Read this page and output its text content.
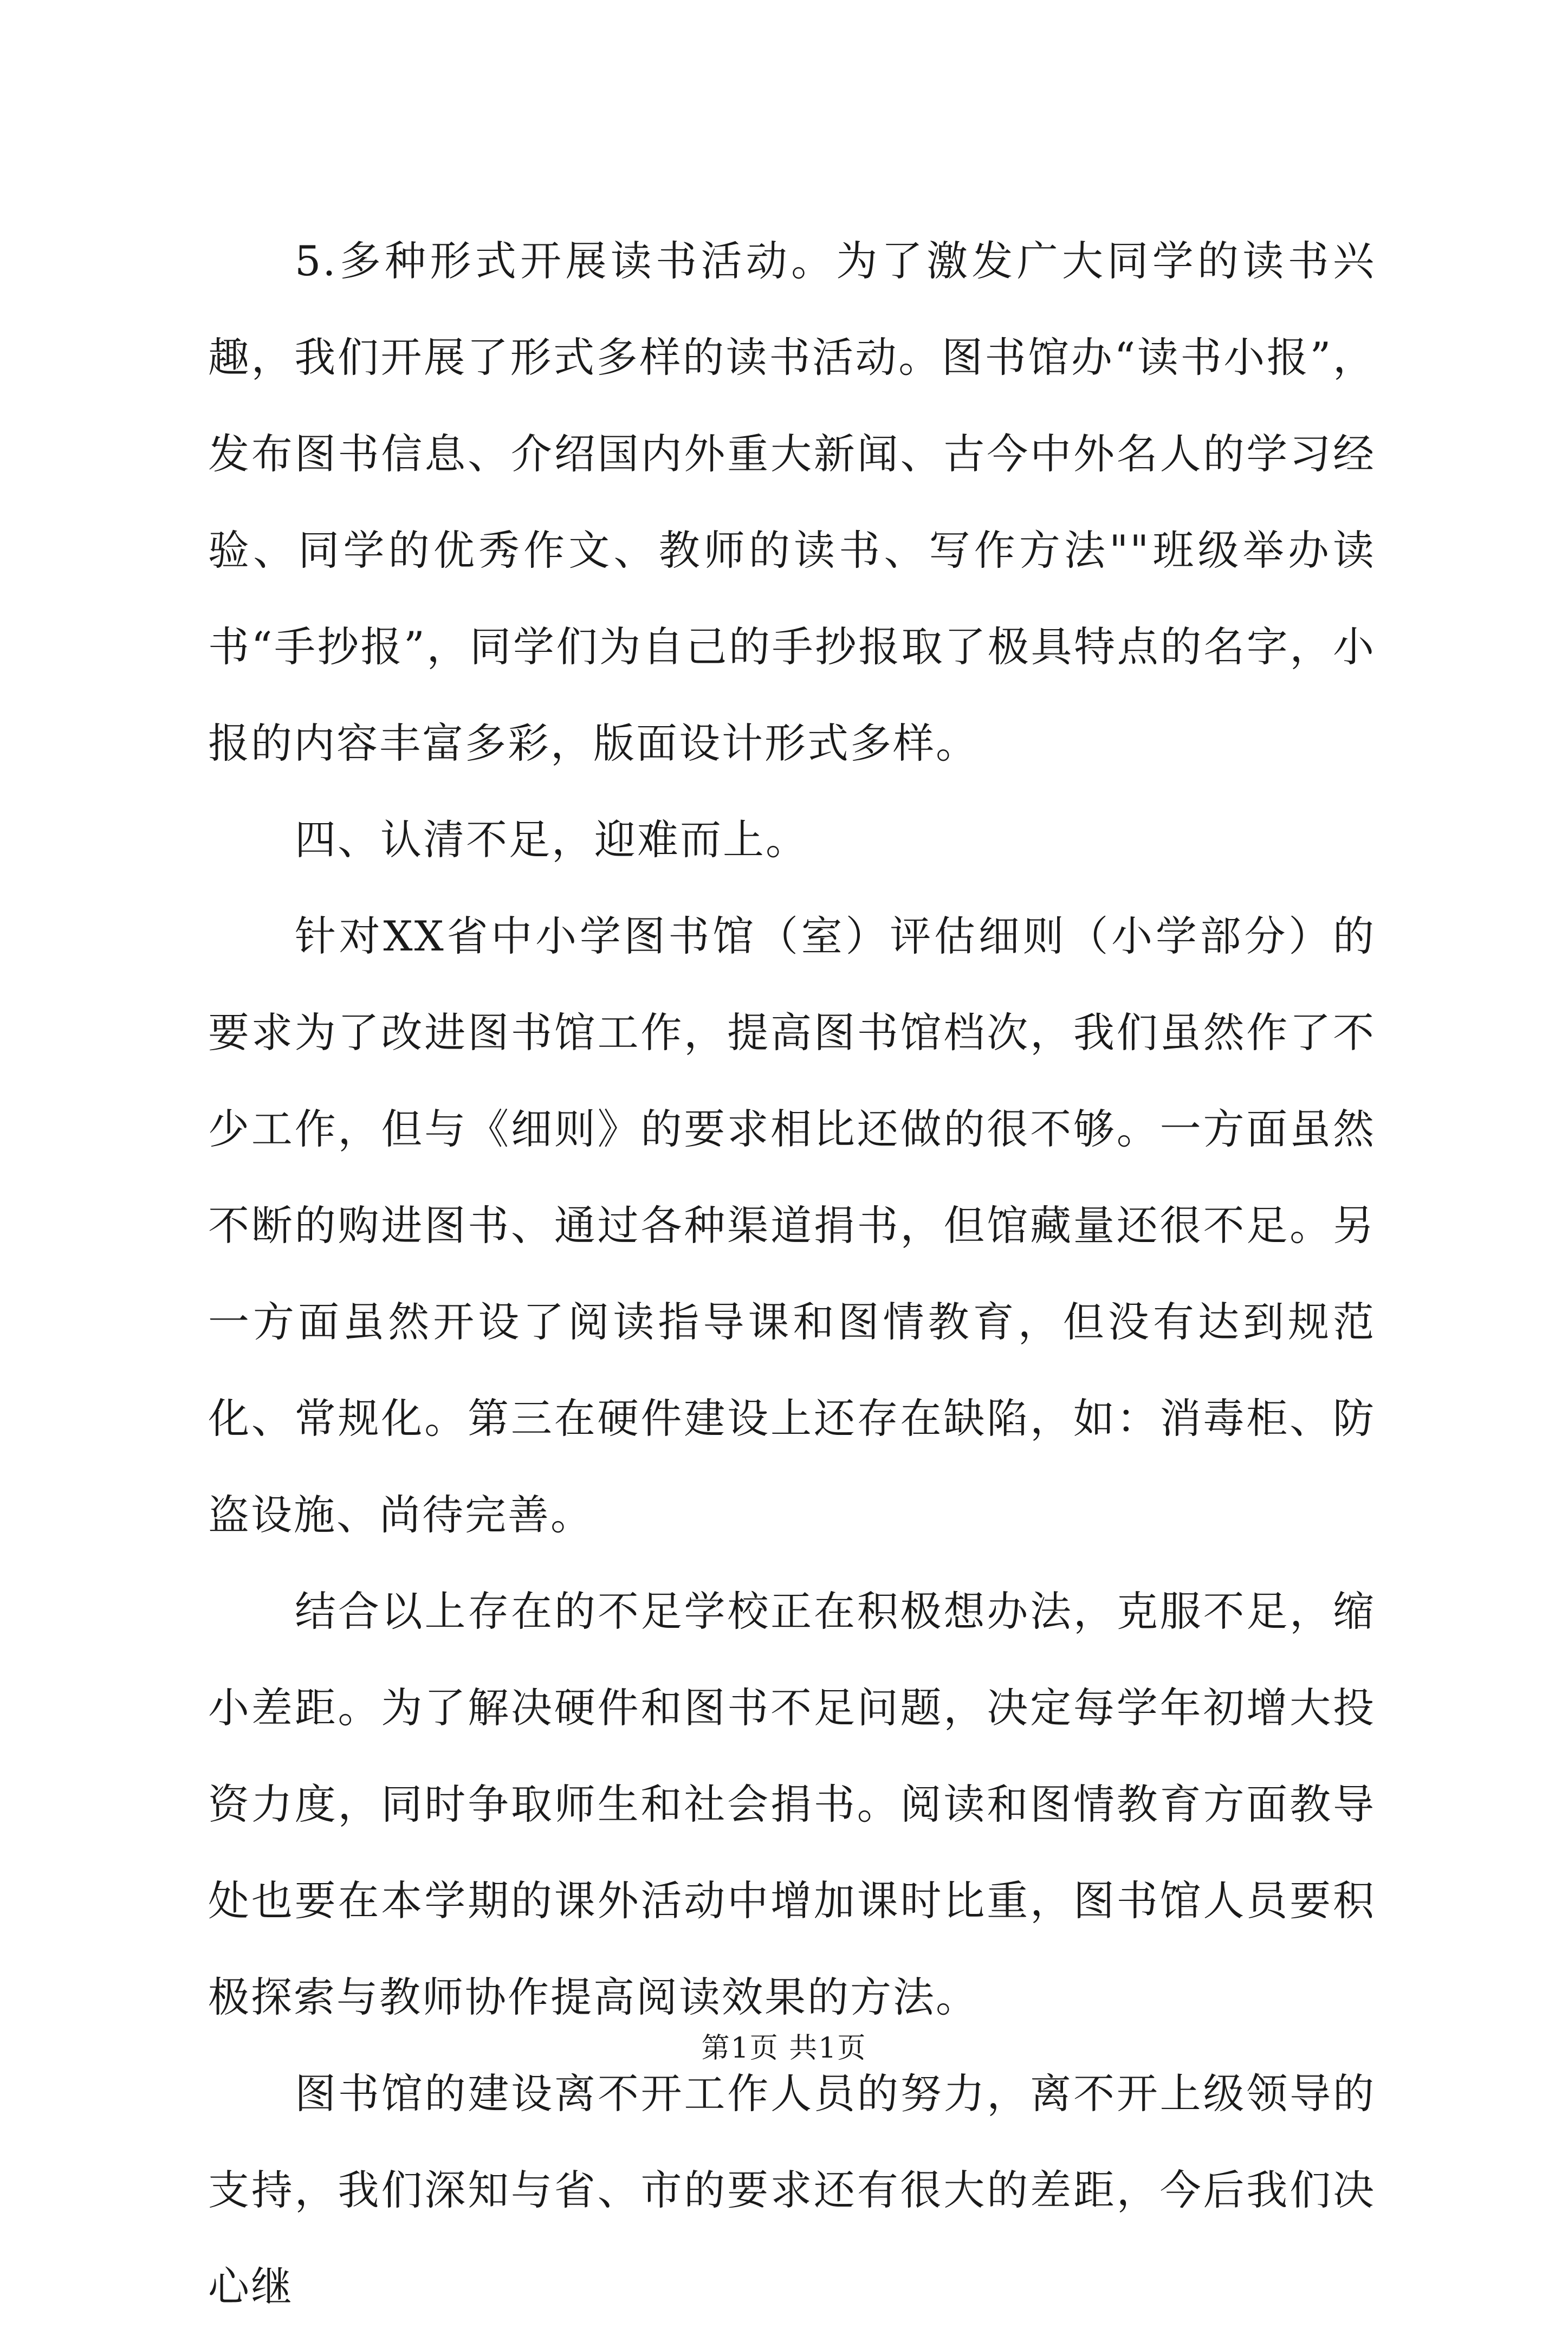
5.多种形式开展读书活动。为了激发广大同学的读书兴趣，我们开展了形式多样的读书活动。图书馆办“读书小报”，发布图书信息、介绍国内外重大新闻、古今中外名人的学习经验、同学的优秀作文、教师的读书、写作方法""班级举办读书“手抄报”，同学们为自己的手抄报取了极具特点的名字，小报的内容丰富多彩，版面设计形式多样。

四、认清不足，迎难而上。

针对XX省中小学图书馆（室）评估细则（小学部分）的要求为了改进图书馆工作，提高图书馆档次，我们虽然作了不少工作，但与《细则》的要求相比还做的很不够。一方面虽然不断的购进图书、通过各种渠道捐书，但馆藏量还很不足。另一方面虽然开设了阅读指导课和图情教育，但没有达到规范化、常规化。第三在硬件建设上还存在缺陷，如：消毒柜、防盗设施、尚待完善。

结合以上存在的不足学校正在积极想办法，克服不足，缩小差距。为了解决硬件和图书不足问题，决定每学年初增大投资力度，同时争取师生和社会捐书。阅读和图情教育方面教导处也要在本学期的课外活动中增加课时比重，图书馆人员要积极探索与教师协作提高阅读效果的方法。

图书馆的建设离不开工作人员的努力，离不开上级领导的支持，我们深知与省、市的要求还有很大的差距，今后我们决心继

第1页 共1页
